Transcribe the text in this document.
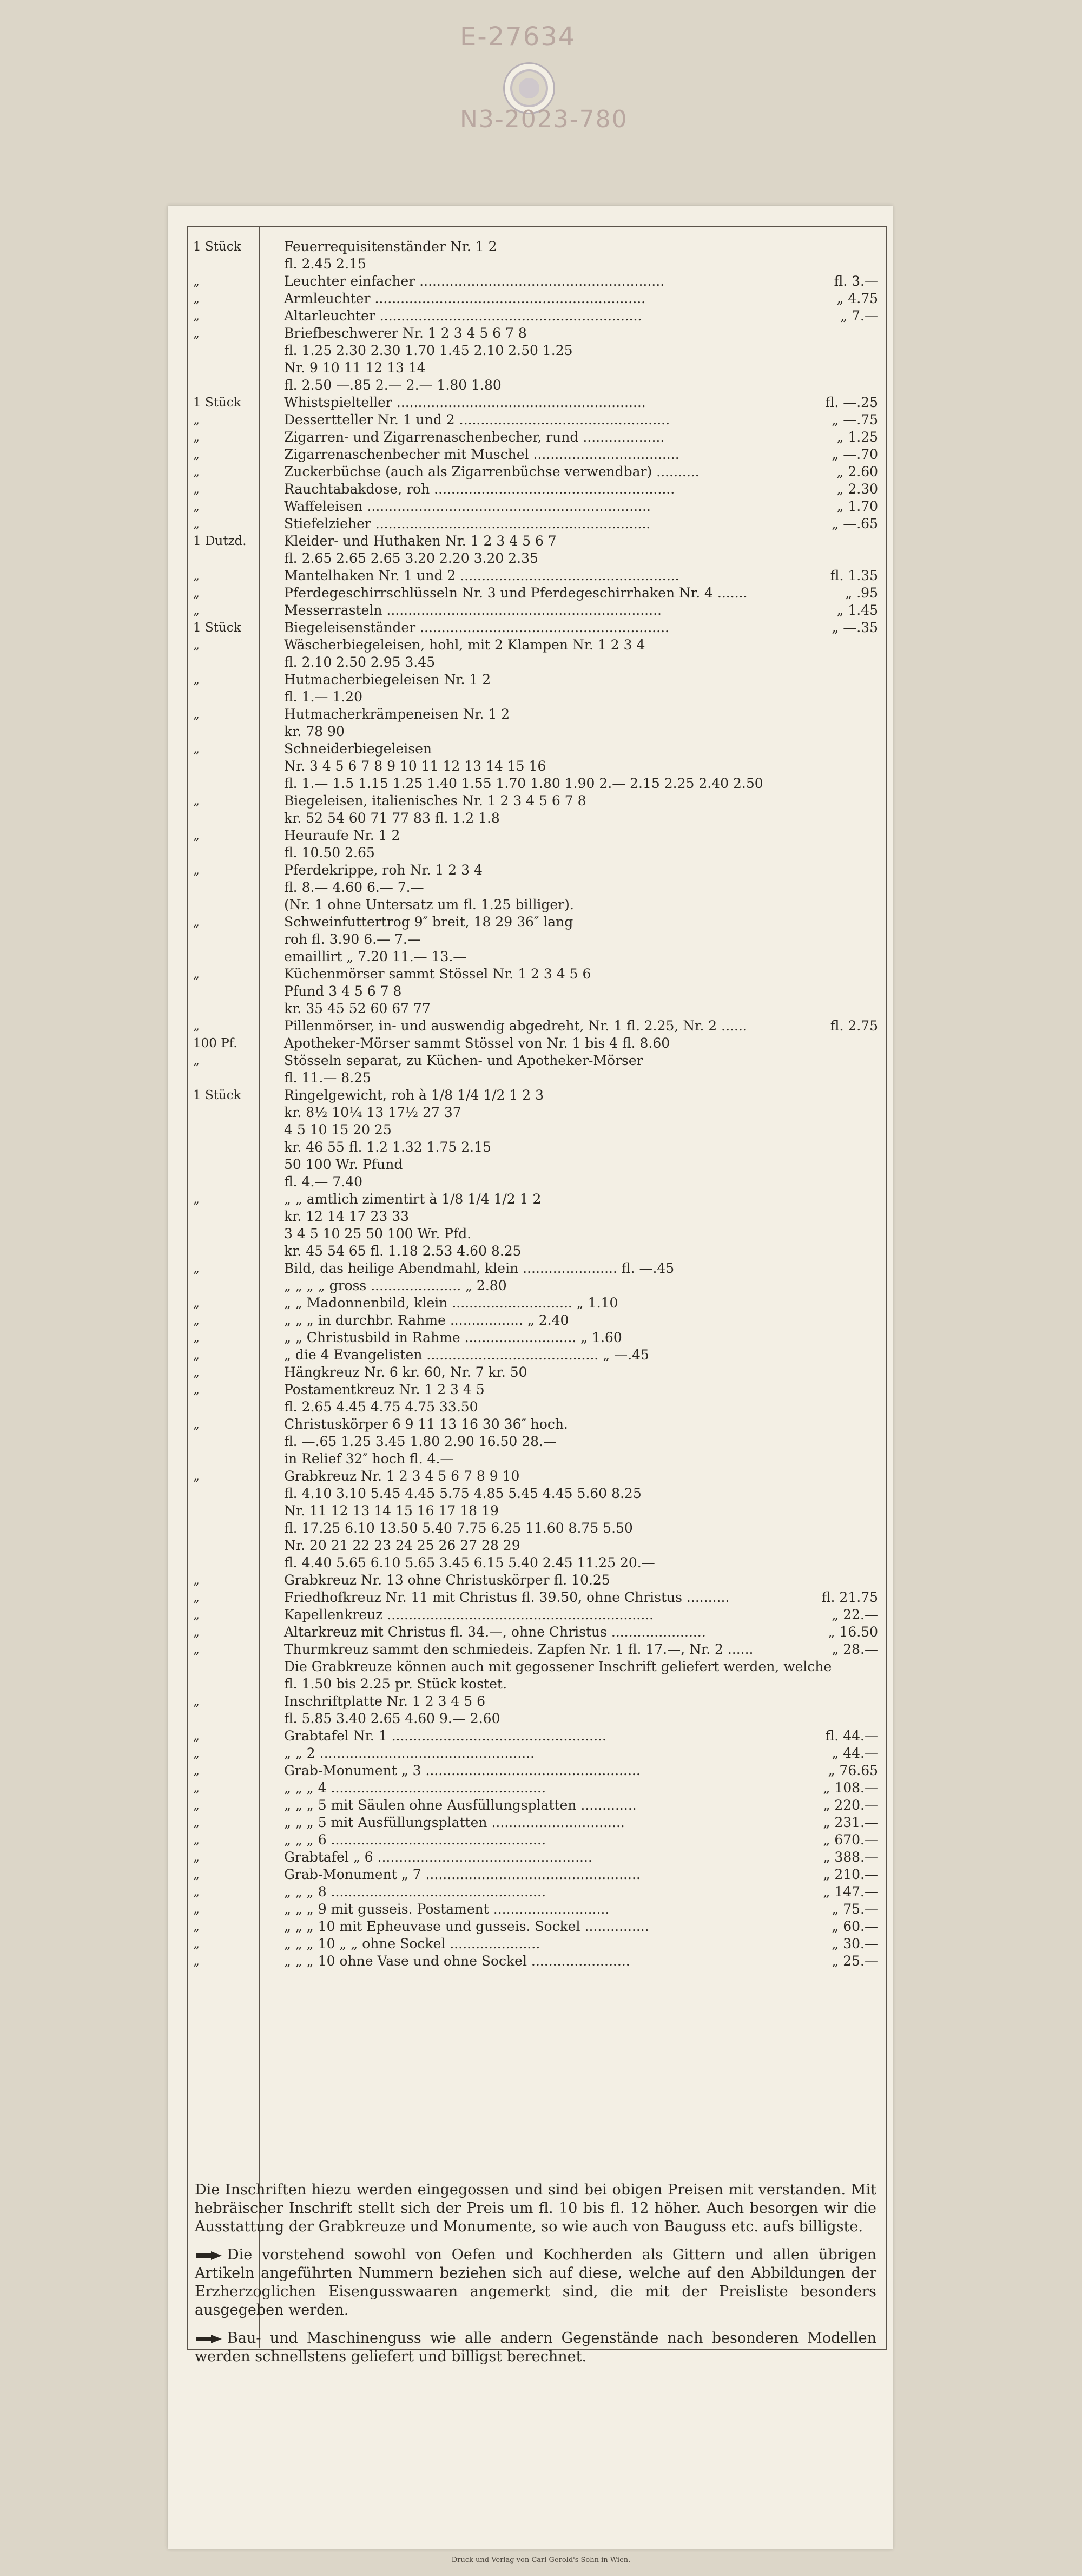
E-27634
N3-2023-780
1 Stück	Feuerrequisitenständer Nr. 1 2
fl. 2.45 2.15
„	Leuchter einfacher .........................................................	fl. 3.—
„	Armleuchter ...............................................................	„ 4.75
„	Altarleuchter .............................................................	„ 7.—
„	Briefbeschwerer Nr. 1 2 3 4 5 6 7 8
fl. 1.25 2.30 2.30 1.70 1.45 2.10 2.50 1.25
Nr. 9 10 11 12 13 14
fl. 2.50 —.85 2.— 2.— 1.80 1.80
1 Stück	Whistspielteller ..........................................................	fl. —.25
„	Dessertteller Nr. 1 und 2 .................................................	„ —.75
„	Zigarren- und Zigarrenaschenbecher, rund ...................	„ 1.25
„	Zigarrenaschenbecher mit Muschel ..................................	„ —.70
„	Zuckerbüchse (auch als Zigarrenbüchse verwendbar) ..........	„ 2.60
„	Rauchtabakdose, roh ........................................................	„ 2.30
„	Waffeleisen ..................................................................	„ 1.70
„	Stiefelzieher ................................................................	„ —.65
1 Dutzd.	Kleider- und Huthaken Nr. 1 2 3 4 5 6 7
fl. 2.65 2.65 2.65 3.20 2.20 3.20 2.35
„	Mantelhaken Nr. 1 und 2 ...................................................	fl. 1.35
„	Pferdegeschirrschlüsseln Nr. 3 und Pferdegeschirrhaken Nr. 4 .......	„ .95
„	Messerrasteln ................................................................	„ 1.45
1 Stück	Biegeleisenständer ..........................................................	„ —.35
„	Wäscherbiegeleisen, hohl, mit 2 Klampen Nr. 1 2 3 4
fl. 2.10 2.50 2.95 3.45
„	Hutmacherbiegeleisen Nr. 1 2
fl. 1.— 1.20
„	Hutmacherkrämpeneisen Nr. 1 2
kr. 78 90
„	Schneiderbiegeleisen
Nr. 3 4 5 6 7 8 9 10 11 12 13 14 15 16
fl. 1.— 1.5 1.15 1.25 1.40 1.55 1.70 1.80 1.90 2.— 2.15 2.25 2.40 2.50
„	Biegeleisen, italienisches Nr. 1 2 3 4 5 6 7 8
kr. 52 54 60 71 77 83 fl. 1.2 1.8
„	Heuraufe Nr. 1 2
fl. 10.50 2.65
„	Pferdekrippe, roh Nr. 1 2 3 4
fl. 8.— 4.60 6.— 7.—
(Nr. 1 ohne Untersatz um fl. 1.25 billiger).
„	Schweinfuttertrog 9″ breit, 18 29 36″ lang
roh fl. 3.90 6.— 7.—
emaillirt „ 7.20 11.— 13.—
„	Küchenmörser sammt Stössel Nr. 1 2 3 4 5 6
Pfund 3 4 5 6 7 8
kr. 35 45 52 60 67 77
„	Pillenmörser, in- und auswendig abgedreht, Nr. 1 fl. 2.25, Nr. 2 ......	fl. 2.75
100 Pf.	Apotheker-Mörser sammt Stössel von Nr. 1 bis 4 fl. 8.60
„	Stösseln separat, zu Küchen- und Apotheker-Mörser
fl. 11.— 8.25
1 Stück	Ringelgewicht, roh à 1/8 1/4 1/2 1 2 3
kr. 8½ 10¼ 13 17½ 27 37
4 5 10 15 20 25
kr. 46 55 fl. 1.2 1.32 1.75 2.15
50 100 Wr. Pfund
fl. 4.— 7.40
„	„ „ amtlich zimentirt à 1/8 1/4 1/2 1 2
kr. 12 14 17 23 33
3 4 5 10 25 50 100 Wr. Pfd.
kr. 45 54 65 fl. 1.18 2.53 4.60 8.25
„	Bild, das heilige Abendmahl, klein ...................... fl. —.45
„ „ „ „ gross ..................... „ 2.80
„	„ „ Madonnenbild, klein ............................ „ 1.10
„	„ „ „ in durchbr. Rahme ................. „ 2.40
„	„ „ Christusbild in Rahme .......................... „ 1.60
„	„ die 4 Evangelisten ........................................ „ —.45
„	Hängkreuz Nr. 6 kr. 60, Nr. 7 kr. 50
„	Postamentkreuz Nr. 1 2 3 4 5
fl. 2.65 4.45 4.75 4.75 33.50
„	Christuskörper 6 9 11 13 16 30 36″ hoch.
fl. —.65 1.25 3.45 1.80 2.90 16.50 28.—
in Relief 32″ hoch fl. 4.—
„	Grabkreuz Nr. 1 2 3 4 5 6 7 8 9 10
fl. 4.10 3.10 5.45 4.45 5.75 4.85 5.45 4.45 5.60 8.25
Nr. 11 12 13 14 15 16 17 18 19
fl. 17.25 6.10 13.50 5.40 7.75 6.25 11.60 8.75 5.50
Nr. 20 21 22 23 24 25 26 27 28 29
fl. 4.40 5.65 6.10 5.65 3.45 6.15 5.40 2.45 11.25 20.—
„	Grabkreuz Nr. 13 ohne Christuskörper fl. 10.25
„	Friedhofkreuz Nr. 11 mit Christus fl. 39.50, ohne Christus ..........	fl. 21.75
„	Kapellenkreuz ..............................................................	„ 22.—
„	Altarkreuz mit Christus fl. 34.—, ohne Christus ......................	„ 16.50
„	Thurmkreuz sammt den schmiedeis. Zapfen Nr. 1 fl. 17.—, Nr. 2 ......	„ 28.—
Die Grabkreuze können auch mit gegossener Inschrift geliefert werden, welche
fl. 1.50 bis 2.25 pr. Stück kostet.
„	Inschriftplatte Nr. 1 2 3 4 5 6
fl. 5.85 3.40 2.65 4.60 9.— 2.60
„	Grabtafel Nr. 1 ..................................................	fl. 44.—
„	„ „ 2 ..................................................	„ 44.—
„	Grab-Monument „ 3 ..................................................	„ 76.65
„	„ „ „ 4 ..................................................	„ 108.—
„	„ „ „ 5 mit Säulen ohne Ausfüllungsplatten .............	„ 220.—
„	„ „ „ 5 mit Ausfüllungsplatten ...............................	„ 231.—
„	„ „ „ 6 ..................................................	„ 670.—
„	Grabtafel „ 6 ..................................................	„ 388.—
„	Grab-Monument „ 7 ..................................................	„ 210.—
„	„ „ „ 8 ..................................................	„ 147.—
„	„ „ „ 9 mit gusseis. Postament ...........................	„ 75.—
„	„ „ „ 10 mit Epheuvase und gusseis. Sockel ...............	„ 60.—
„	„ „ „ 10 „ „ ohne Sockel .....................	„ 30.—
„	„ „ „ 10 ohne Vase und ohne Sockel .......................	„ 25.—

Die Inschriften hiezu werden eingegossen und sind bei obigen Preisen mit verstanden. Mit hebräischer Inschrift stellt sich der Preis um fl. 10 bis fl. 12 höher. Auch besorgen wir die Ausstattung der Grabkreuze und Monumente, so wie auch von Bauguss etc. aufs billigste.

Die vorstehend sowohl von Oefen und Kochherden als Gittern und allen übrigen Artikeln angeführten Nummern beziehen sich auf diese, welche auf den Abbildungen der Erzherzoglichen Eisengusswaaren angemerkt sind, die mit der Preisliste besonders ausgegeben werden.

Bau- und Maschinenguss wie alle andern Gegenstände nach besonderen Modellen werden schnellstens geliefert und billigst berechnet.

Druck und Verlag von Carl Gerold's Sohn in Wien.
